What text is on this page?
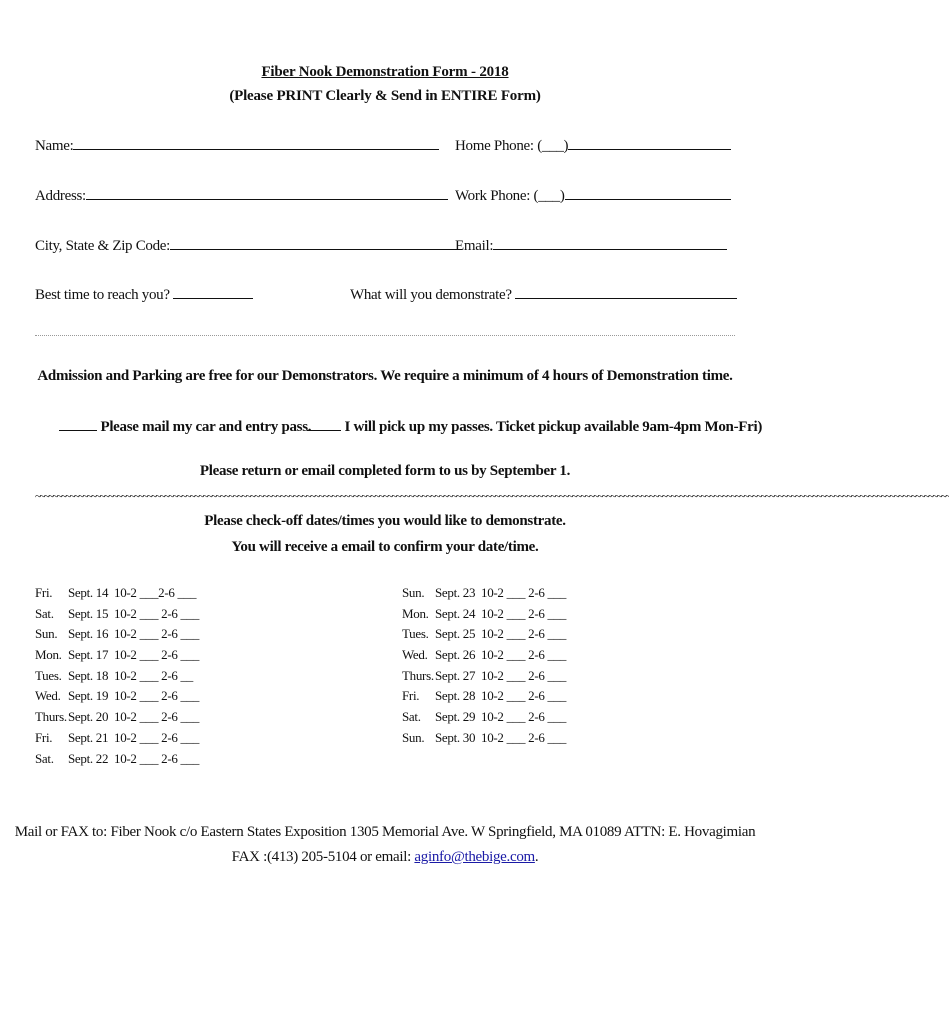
Fiber Nook Demonstration Form - 2018
(Please PRINT Clearly & Send in ENTIRE Form)
Name:	Home Phone: (___)
Address:	Work Phone: (___)
City, State & Zip Code:	Email:
Best time to reach you?	What will you demonstrate?
Admission and Parking are free for our Demonstrators. We require a minimum of 4 hours of Demonstration time.
Please mail my car and entry pass.	I will pick up my passes. Ticket pickup available 9am-4pm Mon-Fri)
Please return or email completed form to us by September 1.
~~~~~~~~~~~~~~~~~~~~~~~~~~~~~~~~~~~~~~~~~~~~~~~~~~~~~~~~~~~~~~~~~~~~~~~~~~~~~~~~~~~~~~~~~~~~~~~~~~~~~~~~~~~~~~~~~~~~~~~~~~~~~~~~~~~~~~~~~~~~~~~~~~~~~~~~~~~~~~~~~~~~~~~~~~~~~~~~~~~~~~~~~~~~~~~~~~~~~~~~~~~~~~~~~~~~~
Please check-off dates/times you would like to demonstrate.
You will receive a email to confirm your date/time.
Fri.	Sept. 14 10-2 ___2-6 ___
Sat.	Sept. 15 10-2 ___ 2-6 ___
Sun. Sept. 16 10-2 ___ 2-6 ___
Mon. Sept. 17 10-2 ___ 2-6 ___
Tues. Sept. 18 10-2 ___ 2-6 __
Wed. Sept. 19 10-2 ___ 2-6 ___
Thurs. Sept. 20 10-2 ___ 2-6 ___
Fri.	Sept. 21 10-2 ___ 2-6 ___
Sat.	Sept. 22 10-2 ___ 2-6 ___
Sun. Sept. 23 10-2 ___ 2-6 ___
Mon. Sept. 24 10-2 ___ 2-6 ___
Tues. Sept. 25 10-2 ___ 2-6 ___
Wed. Sept. 26 10-2 ___ 2-6 ___
Thurs. Sept. 27 10-2 ___ 2-6 ___
Fri.	Sept. 28 10-2 ___ 2-6 ___
Sat.	Sept. 29 10-2 ___ 2-6 ___
Sun. Sept. 30 10-2 ___ 2-6 ___
Mail or FAX to: Fiber Nook c/o Eastern States Exposition 1305 Memorial Ave. W Springfield, MA 01089 ATTN: E. Hovagimian
FAX :(413) 205-5104 or email: aginfo@thebige.com.
